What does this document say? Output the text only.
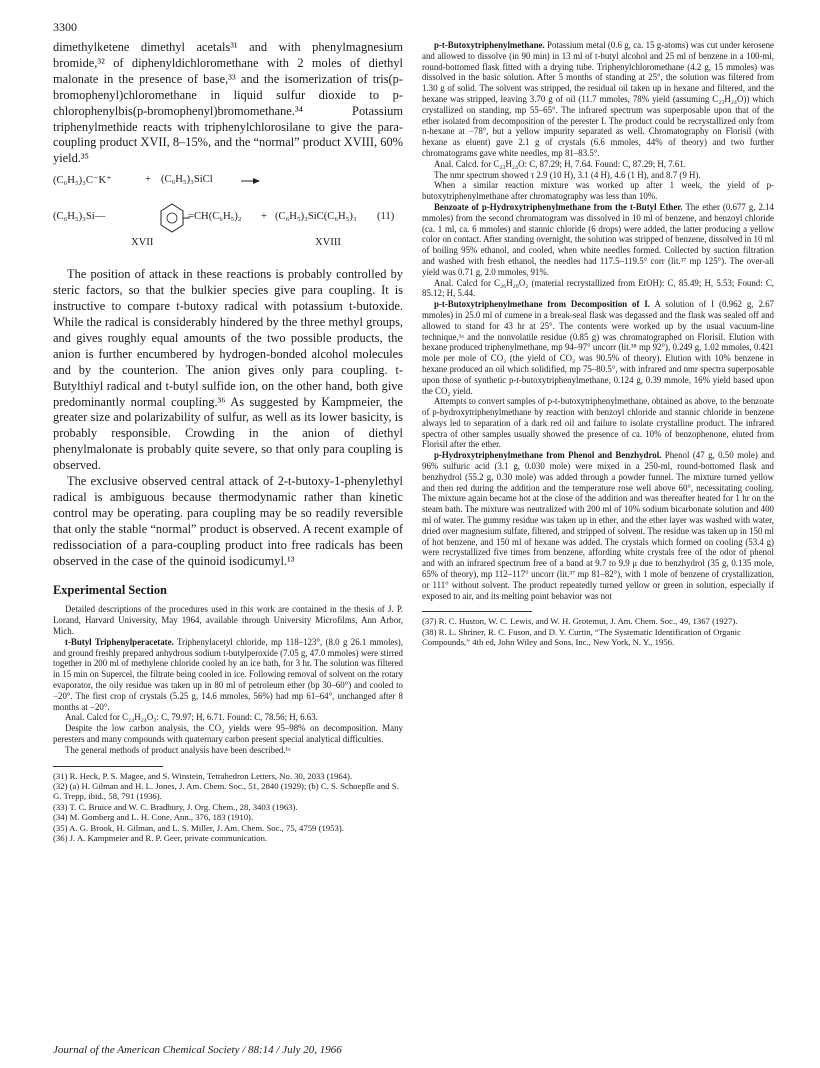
3300

dimethylketene dimethyl acetals³¹ and with phenylmagnesium bromide,³² of diphenyldichloromethane with 2 moles of diethyl malonate in the presence of base,³³ and the isomerization of tris(p-bromophenyl)chloromethane in liquid sulfur dioxide to p-chlorophenylbis(p-bromophenyl)bromomethane.³⁴ Potassium triphenylmethide reacts with triphenylchlorosilane to give the para-coupling product XVII, 8–15%, and the “normal” product XVIII, 60% yield.³⁵

(C₆H₅)₃C⁻K⁺	+ (C₆H₅)₃SiCl
(C₆H₅)₃Si—	=CH(C₆H₅)₂ + (C₆H₅)₃SiC(C₆H₅)₃ (11)
XVII	XVIII

The position of attack in these reactions is probably controlled by steric factors, so that the bulkier species give para coupling. It is instructive to compare t-butoxy radical with potassium t-butoxide. While the radical is considerably hindered by the three methyl groups, and gives roughly equal amounts of the two possible products, the anion is further encumbered by hydrogen-bonded alcohol molecules and by the counterion. The anion gives only para coupling. t-Butylthiyl radical and t-butyl sulfide ion, on the other hand, both give predominantly normal coupling.³⁶ As suggested by Kampmeier, the greater size and polarizability of sulfur, as well as its lower basicity, is probably responsible. Crowding in the anion of diethyl phenylmalonate is probably quite severe, so that only para coupling is observed.

The exclusive observed central attack of 2-t-butoxy-1-phenylethyl radical is ambiguous because thermodynamic rather than kinetic control may be operating. para coupling may be so readily reversible that only the stable “normal” product is observed. A recent example of redissociation of a para-coupling product into free radicals has been observed in the case of the quinoid isodicumyl.¹³

Experimental Section

Detailed descriptions of the procedures used in this work are contained in the thesis of J. P. Lorand, Harvard University, May 1964, available through University Microfilms, Ann Arbor, Mich.

t-Butyl Triphenylperacetate. Triphenylacetyl chloride, mp 118–123°, (8.0 g 26.1 mmoles), and ground freshly prepared anhydrous sodium t-butylperoxide (7.05 g, 47.0 mmoles) were stirred together in 200 ml of methylene chloride cooled by an ice bath, for 3 hr. The solution was filtered in 15 min on Supercel, the filtrate being cooled in ice. Following removal of solvent on the rotary evaporator, the oily residue was taken up in 80 ml of petroleum ether (bp 30–60°) and cooled to −20°. The first crop of crystals (5.25 g, 14.6 mmoles, 56%) had mp 61–64°, unchanged after 8 months at −20°.

Anal. Calcd for C₂₄H₂₄O₃: C, 79.97; H, 6.71. Found: C, 78.56; H, 6.63.

Despite the low carbon analysis, the CO₂ yields were 95–98% on decomposition. Many peresters and many compounds with quaternary carbon present special analytical difficulties.

The general methods of product analysis have been described.¹ᵃ

(31) R. Heck, P. S. Magee, and S. Winstein, Tetrahedron Letters, No. 30, 2033 (1964).

(32) (a) H. Gilman and H. L. Jones, J. Am. Chem. Soc., 51, 2840 (1929); (b) C. S. Schoepfle and S. G. Trepp, ibid., 58, 791 (1936).

(33) T. C. Bruice and W. C. Bradbury, J. Org. Chem., 28, 3403 (1963).

(34) M. Gomberg and L. H. Cone, Ann., 376, 183 (1910).

(35) A. G. Brook, H. Gilman, and L. S. Miller, J. Am. Chem. Soc., 75, 4759 (1953).

(36) J. A. Kampmeier and R. P. Geer, private communication.

p-t-Butoxytriphenylmethane. Potassium metal (0.6 g, ca. 15 g-atoms) was cut under kerosene and allowed to dissolve (in 90 min) in 13 ml of t-butyl alcohol and 25 ml of benzene in a 100-ml, round-bottomed flask fitted with a drying tube. Triphenylchloromethane (4.2 g, 15 mmoles) was dissolved in the basic solution. After 5 months of standing at 25°, the solution was filtered from 1.30 g of solid. The solvent was stripped, the residual oil taken up in hexane and filtered, and the hexane was stripped, leaving 3.70 g of oil (11.7 mmoles, 78% yield (assuming C₂₃H₂₄O)) which crystallized on standing, mp 55–65°. The infrared spectrum was superposable upon that of the ether isolated from decomposition of the perester I. The product could be recrystallized only from n-hexane at −78°, but a yellow impurity separated as well. Chromatography on Florisil (with hexane as eluent) gave 2.1 g of crystals (6.6 mmoles, 44% of theory) and two further chromatograms gave white needles, mp 81–83.5°.

Anal. Calcd. for C₂₃H₂₄O: C, 87.29; H, 7.64. Found: C, 87.29; H, 7.61.

The nmr spectrum showed τ 2.9 (10 H), 3.1 (4 H), 4.6 (1 H), and 8.7 (9 H).

When a similar reaction mixture was worked up after 1 week, the yield of p-butoxytriphenylmethane after chromatography was less than 10%.

Benzoate of p-Hydroxytriphenylmethane from the t-Butyl Ether. The ether (0.677 g, 2.14 mmoles) from the second chromatogram was dissolved in 10 ml of benzene, and benzoyl chloride (ca. 1 ml, ca. 6 mmoles) and stannic chloride (6 drops) were added, the latter producing a yellow color on contact. After standing overnight, the solution was stripped of benzene, dissolved in 10 ml of boiling 95% ethanol, and cooled, when white needles formed. Collected by suction filtration and washed with fresh ethanol, the needles had 117.5–119.5° corr (lit.³⁷ mp 125°). The over-all yield was 0.71 g, 2.0 mmoles, 91%.

Anal. Calcd for C₂₆H₂₀O₂ (material recrystallized from EtOH): C, 85.49; H, 5.53; Found: C, 85.12; H, 5.44.

p-t-Butoxytriphenylmethane from Decomposition of I. A solution of I (0.962 g, 2.67 mmoles) in 25.0 ml of cumene in a break-seal flask was degassed and the flask was sealed off and allowed to stand for 43 hr at 25°. The contents were worked up by the usual vacuum-line technique,¹ᵃ and the nonvolatile residue (0.85 g) was chromatographed on Florisil. Elution with hexane produced triphenylmethane, mp 94–97° uncorr (lit.³⁸ mp 92°), 0.249 g, 1.02 mmoles, 0.421 mole per mole of CO₂ (the yield of CO₂ was 90.5% of theory). Elution with 10% benzene in hexane produced an oil which solidified, mp 75–80.5°, with infrared and nmr spectra superposable upon those of synthetic p-t-butoxytriphenylmethane, 0.124 g, 0.39 mmole, 16% yield based upon the CO₂ yield.

Attempts to convert samples of p-t-butoxytriphenylmethane, obtained as above, to the benzoate of p-hydroxytriphenylmethane by reaction with benzoyl chloride and stannic chloride in benzene always led to separation of a dark red oil and failure to isolate crystalline product. The infrared spectra of other samples usually showed the presence of ca. 10% of benzophenone, eluted from Florisil after the ether.

p-Hydroxytriphenylmethane from Phenol and Benzhydrol. Phenol (47 g, 0.50 mole) and 96% sulfuric acid (3.1 g, 0.030 mole) were mixed in a 250-ml, round-bottomed flask and benzhydrol (55.2 g, 0.30 mole) was added through a powder funnel. The mixture turned yellow and then red during the addition and the temperature rose well above 60°, necessitating cooling. The mixture again became hot at the close of the addition and was thereafter heated for 1 hr on the steam bath. The mixture was neutralized with 200 ml of 10% sodium bicarbonate solution and 400 ml of water. The gummy residue was taken up in ether, and the ether layer was washed with water, dried over magnesium sulfate, filtered, and stripped of solvent. The residue was taken up in 150 ml of hot benzene, and 150 ml of hexane was added. The crystals which formed on cooling (53.4 g) were recrystallized five times from benzene, affording white crystals free of the odor of phenol and with an infrared spectrum free of a band at 9.7 to 9.9 μ due to benzhydrol (35 g, 0.135 mole, 65% of theory), mp 112–117° uncorr (lit.³⁷ mp 81–82°), with 1 mole of benzene of crystallization, or 111° without solvent. The product repeatedly turned yellow or green in solution, especially if exposed to air, and its melting point behavior was not

(37) R. C. Huston, W. C. Lewis, and W. H. Grotemut, J. Am. Chem. Soc., 49, 1367 (1927).

(38) R. L. Shriner, R. C. Fuson, and D. Y. Curtin, “The Systematic Identification of Organic Compounds,” 4th ed, John Wiley and Sons, Inc., New York, N. Y., 1956.

Journal of the American Chemical Society / 88:14 / July 20, 1966
